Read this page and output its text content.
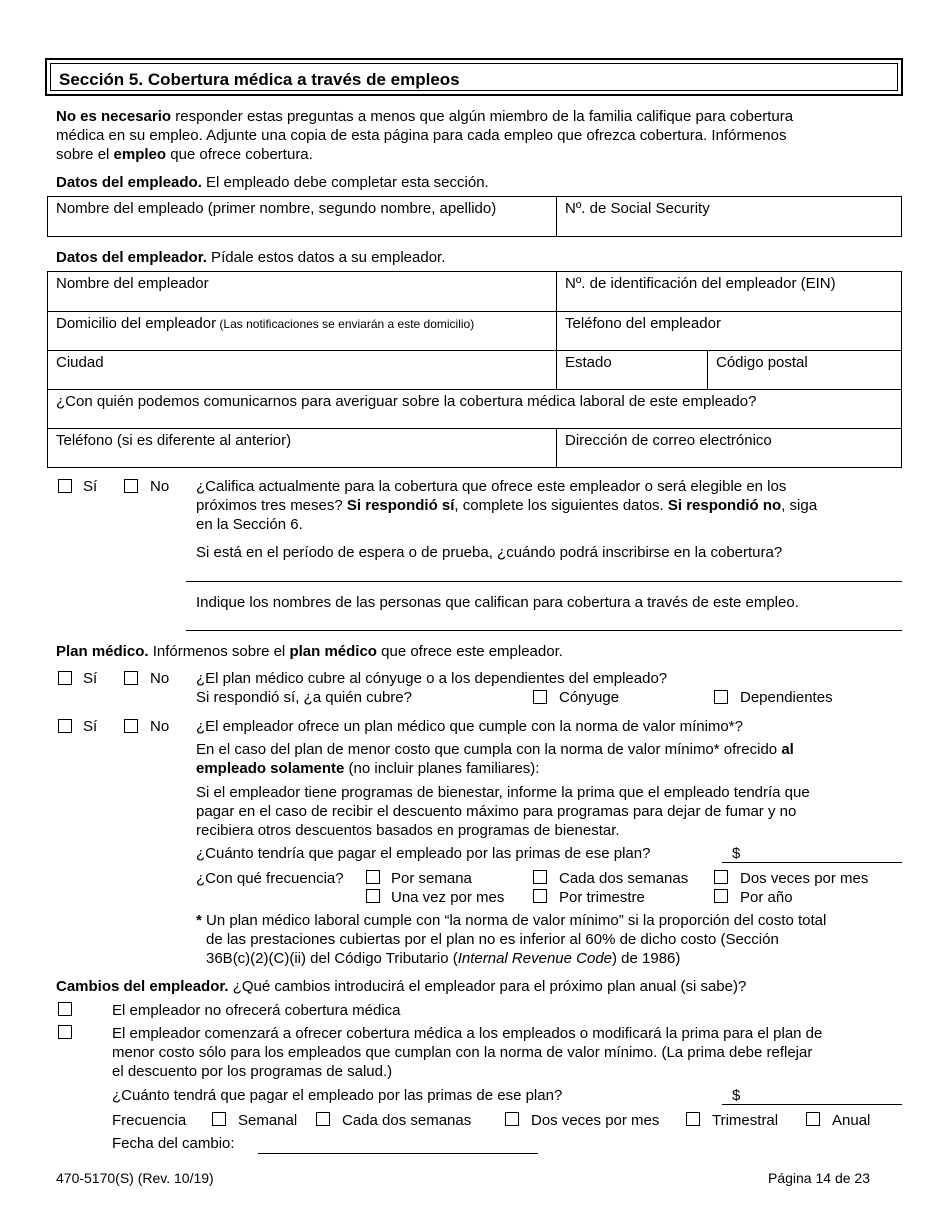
Sección 5. Cobertura médica a través de empleos
No es necesario responder estas preguntas a menos que algún miembro de la familia califique para cobertura
médica en su empleo. Adjunte una copia de esta página para cada empleo que ofrezca cobertura. Infórmenos
sobre el empleo que ofrece cobertura.
Datos del empleado. El empleado debe completar esta sección.
Nombre del empleado (primer nombre, segundo nombre, apellido)	Nº. de Social Security
Datos del empleador. Pídale estos datos a su empleador.
Nombre del empleador	Nº. de identificación del empleador (EIN)
Domicilio del empleador (Las notificaciones se enviarán a este domicilio)	Teléfono del empleador
Ciudad	Estado	Código postal
¿Con quién podemos comunicarnos para averiguar sobre la cobertura médica laboral de este empleado?
Teléfono (si es diferente al anterior)	Dirección de correo electrónico
Sí	No ¿Califica actualmente para la cobertura que ofrece este empleador o será elegible en los
próximos tres meses? Si respondió sí, complete los siguientes datos. Si respondió no, siga
en la Sección 6.
Si está en el período de espera o de prueba, ¿cuándo podrá inscribirse en la cobertura?
Indique los nombres de las personas que califican para cobertura a través de este empleo.
Plan médico. Infórmenos sobre el plan médico que ofrece este empleador.
Sí	No ¿El plan médico cubre al cónyuge o a los dependientes del empleado?
Si respondió sí, ¿a quién cubre?	Cónyuge	Dependientes
Sí	No ¿El empleador ofrece un plan médico que cumple con la norma de valor mínimo*?
En el caso del plan de menor costo que cumpla con la norma de valor mínimo* ofrecido al
empleado solamente (no incluir planes familiares):
Si el empleador tiene programas de bienestar, informe la prima que el empleado tendría que
pagar en el caso de recibir el descuento máximo para programas para dejar de fumar y no
recibiera otros descuentos basados en programas de bienestar.
¿Cuánto tendría que pagar el empleado por las primas de ese plan?	$
¿Con qué frecuencia?	Por semana	Cada dos semanas	Dos veces por mes
Una vez por mes	Por trimestre	Por año
* Un plan médico laboral cumple con “la norma de valor mínimo” si la proporción del costo total
de las prestaciones cubiertas por el plan no es inferior al 60% de dicho costo (Sección
36B(c)(2)(C)(ii) del Código Tributario (Internal Revenue Code) de 1986)
Cambios del empleador. ¿Qué cambios introducirá el empleador para el próximo plan anual (si sabe)?
El empleador no ofrecerá cobertura médica
El empleador comenzará a ofrecer cobertura médica a los empleados o modificará la prima para el plan de
menor costo sólo para los empleados que cumplan con la norma de valor mínimo. (La prima debe reflejar
el descuento por los programas de salud.)
¿Cuánto tendrá que pagar el empleado por las primas de ese plan?	$
Frecuencia	Semanal	Cada dos semanas	Dos veces por mes	Trimestral	Anual
Fecha del cambio:
470-5170(S) (Rev. 10/19)	Página 14 de 23
